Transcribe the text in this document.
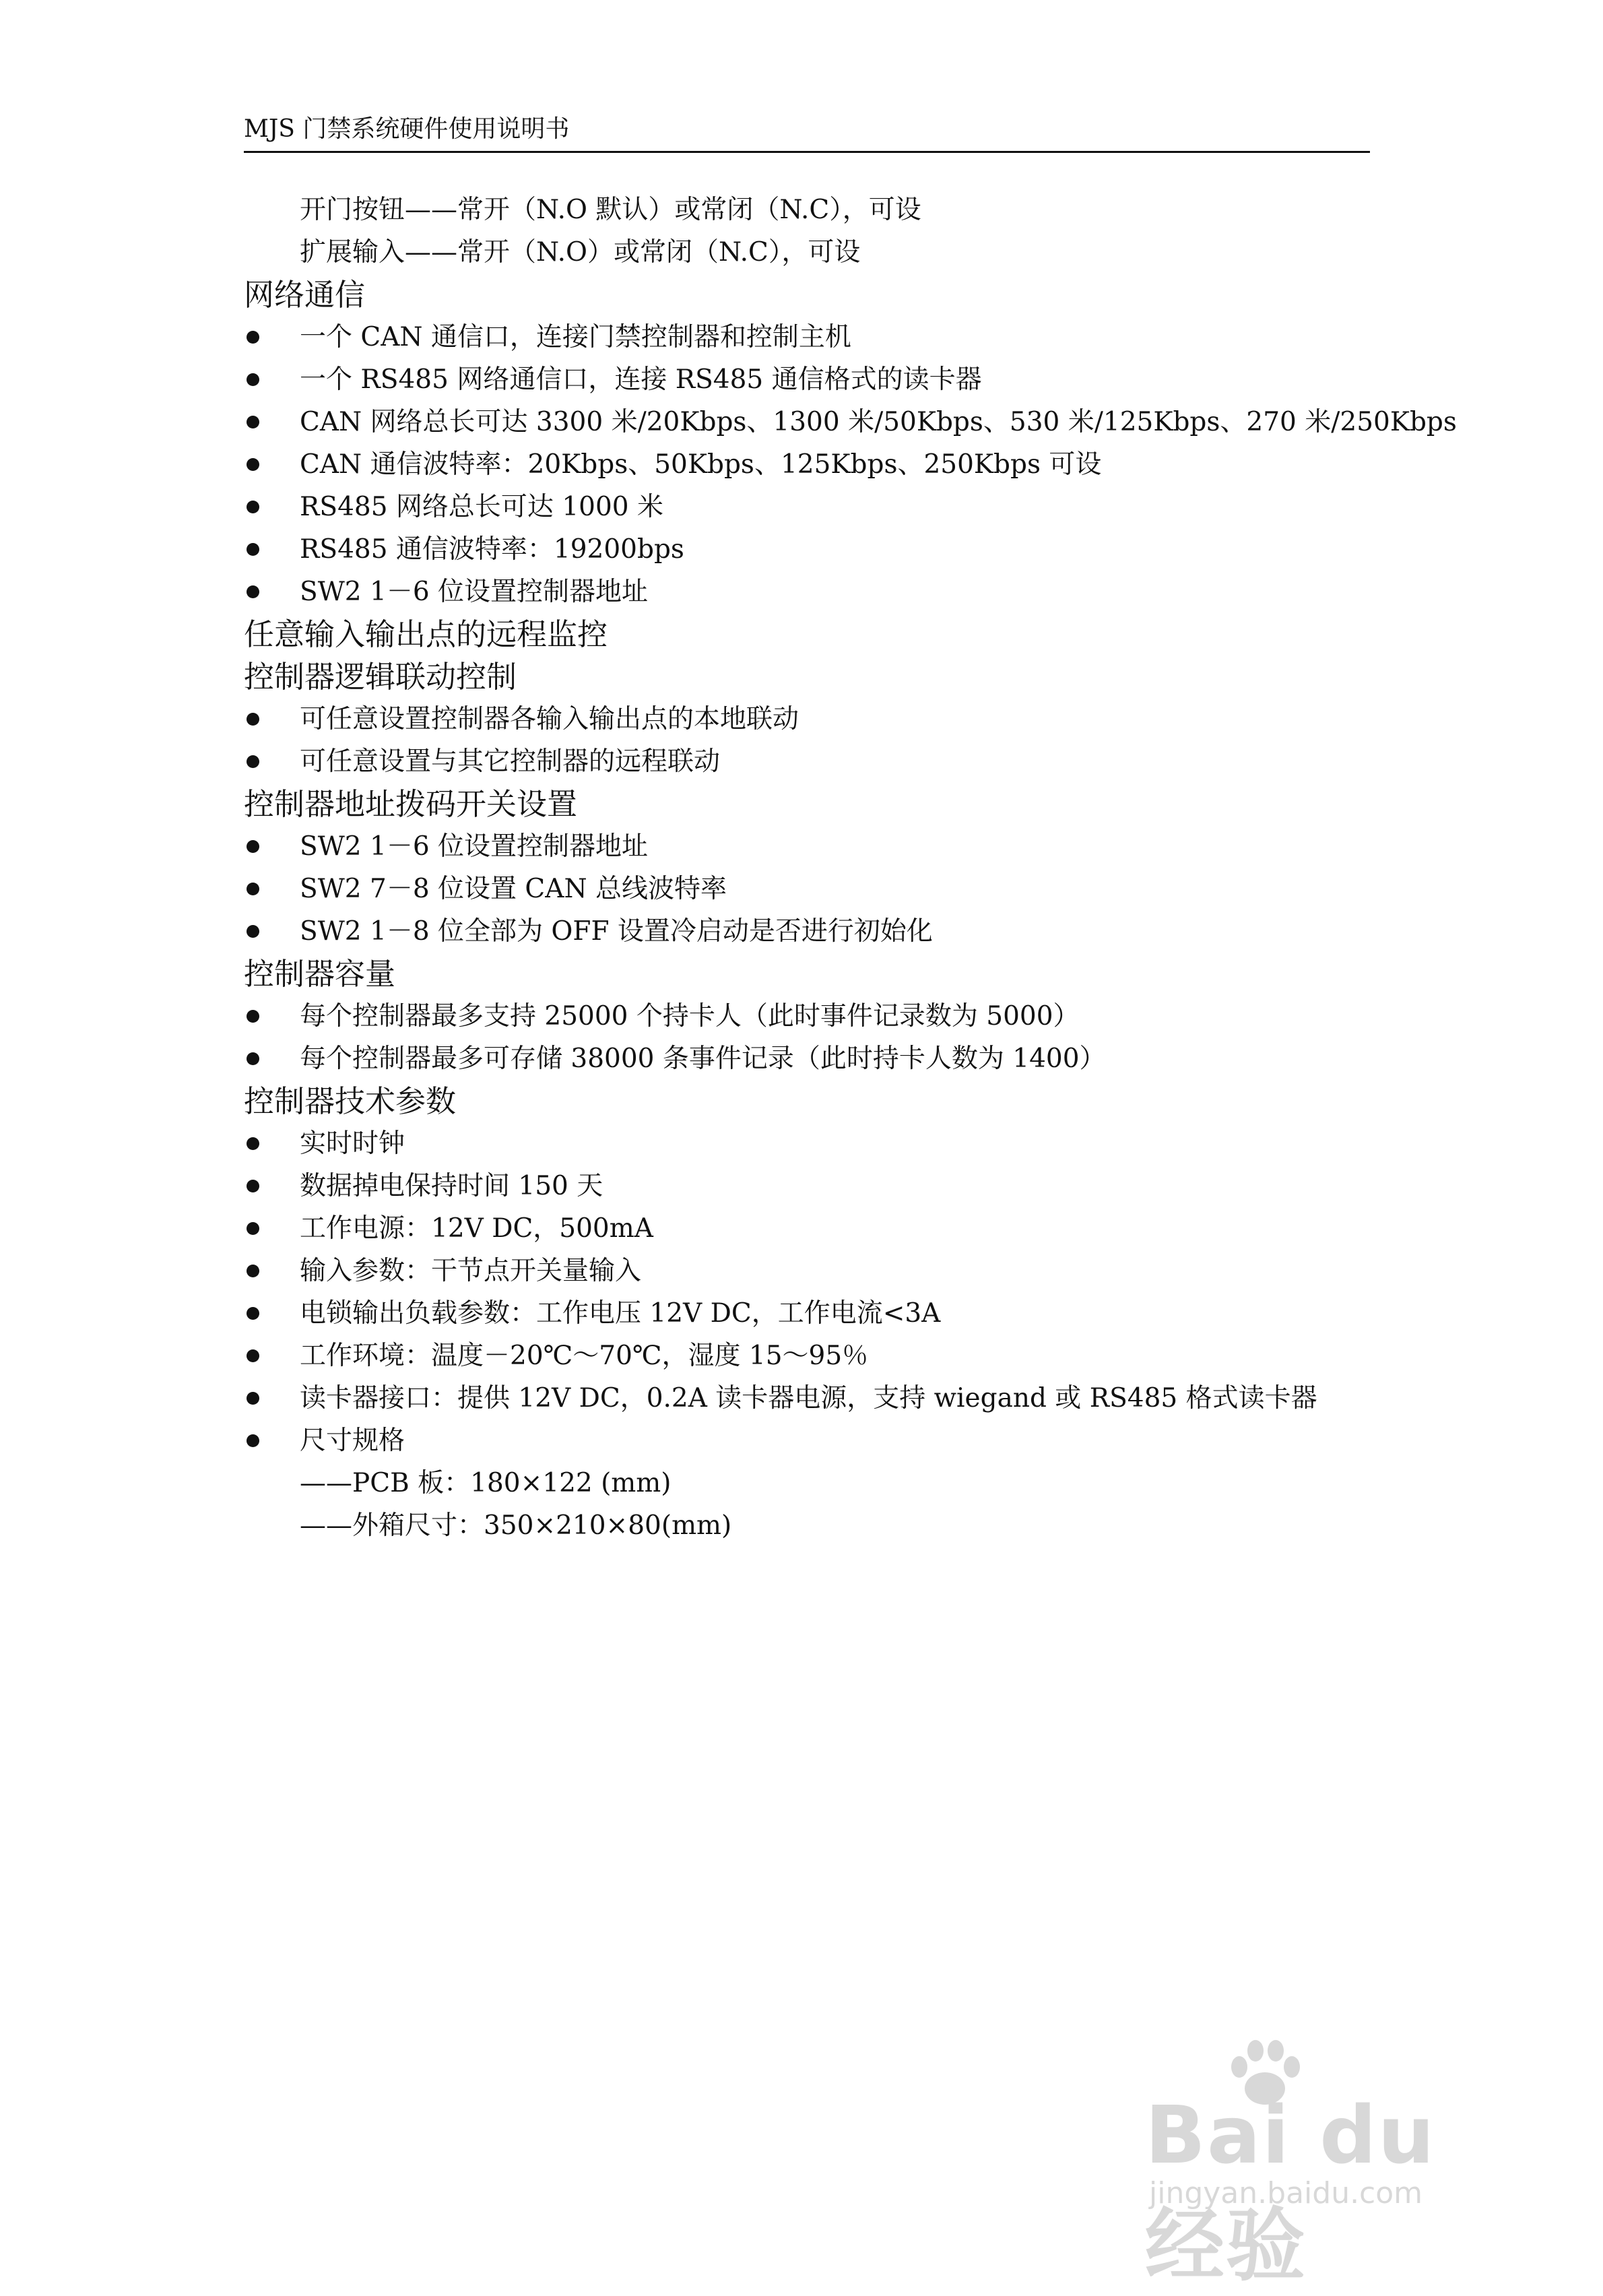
MJS 门禁系统硬件使用说明书
开门按钮——常开（N.O 默认）或常闭（N.C），可设
扩展输入——常开（N.O）或常闭（N.C），可设
网络通信
一个 CAN 通信口，连接门禁控制器和控制主机
一个 RS485 网络通信口，连接 RS485 通信格式的读卡器
CAN 网络总长可达 3300 米/20Kbps、1300 米/50Kbps、530 米/125Kbps、270 米/250Kbps
CAN 通信波特率：20Kbps、50Kbps、125Kbps、250Kbps 可设
RS485 网络总长可达 1000 米
RS485 通信波特率：19200bps
SW2 1－6 位设置控制器地址
任意输入输出点的远程监控
控制器逻辑联动控制
可任意设置控制器各输入输出点的本地联动
可任意设置与其它控制器的远程联动
控制器地址拨码开关设置
SW2 1－6 位设置控制器地址
SW2 7－8 位设置 CAN 总线波特率
SW2 1－8 位全部为 OFF 设置冷启动是否进行初始化
控制器容量
每个控制器最多支持 25000 个持卡人（此时事件记录数为 5000）
每个控制器最多可存储 38000 条事件记录（此时持卡人数为 1400）
控制器技术参数
实时时钟
数据掉电保持时间 150 天
工作电源：12V DC，500mA
输入参数：干节点开关量输入
电锁输出负载参数：工作电压 12V DC，工作电流<3A
工作环境：温度－20℃～70℃，湿度 15～95％
读卡器接口：提供 12V DC，0.2A 读卡器电源，支持 wiegand 或 RS485 格式读卡器
尺寸规格
——PCB 板：180×122 (mm)
——外箱尺寸：350×210×80(mm)
Bai du 经验
jingyan.baidu.com
